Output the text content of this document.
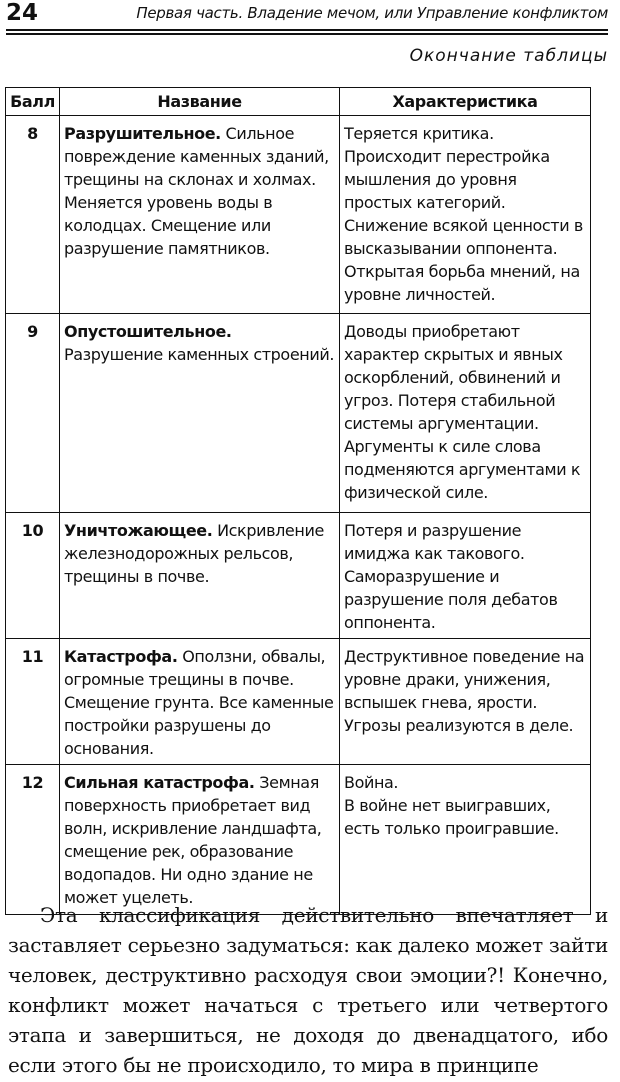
24	Первая часть. Владение мечом, или Управление конфликтом
Окончание таблицы
Балл	Название	Характеристика
8	Разрушительное. Сильное повреждение каменных зданий, трещины на склонах и холмах. Меняется уровень воды в колодцах. Смещение или разрушение памятников.	Теряется критика. Происходит перестройка мышления до уровня простых категорий. Снижение всякой ценности в высказывании оппонента. Открытая борьба мнений, на уровне личностей.

9	Опустошительное. Разрушение каменных строений.	Доводы приобретают характер скрытых и явных оскорблений, обвинений и угроз. Потеря стабильной системы аргументации. Аргументы к силе слова подменяются аргументами к физической силе.

10	Уничтожающее. Искривление железнодорожных рельсов, трещины в почве.	Потеря и разрушение имиджа как такового. Саморазрушение и разрушение поля дебатов оппонента.

11	Катастрофа. Оползни, обвалы, огромные трещины в почве. Смещение грунта. Все каменные постройки разрушены до основания.	Деструктивное поведение на уровне драки, унижения, вспышек гнева, ярости. Угрозы реализуются в деле.

12	Сильная катастрофа. Земная поверхность приобретает вид волн, искривление ландшафта, смещение рек, образование водопадов. Ни одно здание не может уцелеть.	Война.
В войне нет выигравших, есть только проигравшие.

Эта классификация действительно впечатляет и заставляет серьезно задуматься: как далеко может зайти человек, деструктивно расходуя свои эмоции?! Конечно, конфликт может начаться с третьего или четвертого этапа и завершиться, не доходя до двенадцатого, ибо если этого бы не происходило, то мира в принципе
